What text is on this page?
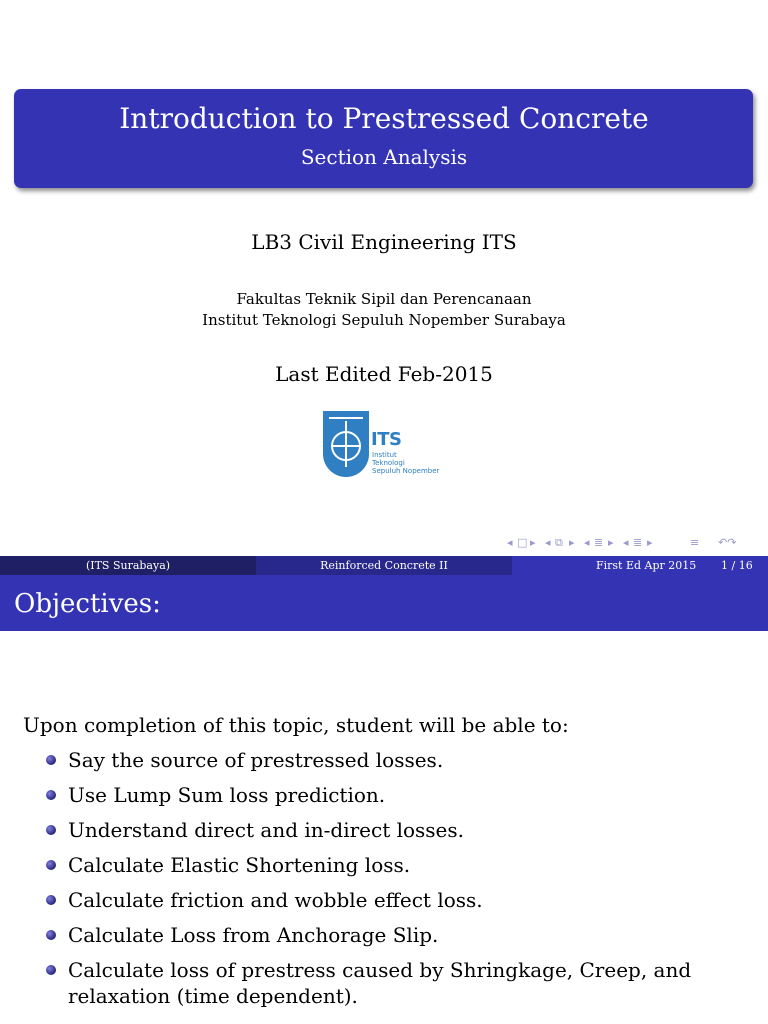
Introduction to Prestressed Concrete
Section Analysis
LB3 Civil Engineering ITS
Fakultas Teknik Sipil dan Perencanaan
Institut Teknologi Sepuluh Nopember Surabaya
Last Edited Feb-2015
ITS
Institut
Teknologi
Sepuluh Nopember
◂ □ ▸ ◂ ⧉ ▸ ◂ ≣ ▸ ◂ ≣ ▸	≡ ↶↷
(ITS Surabaya)	Reinforced Concrete II	First Ed Apr 2015 1 / 16
Objectives:
Upon completion of this topic, student will be able to:
Say the source of prestressed losses.
Use Lump Sum loss prediction.
Understand direct and in-direct losses.
Calculate Elastic Shortening loss.
Calculate friction and wobble effect loss.
Calculate Loss from Anchorage Slip.
Calculate loss of prestress caused by Shringkage, Creep, and relaxation (time dependent).
